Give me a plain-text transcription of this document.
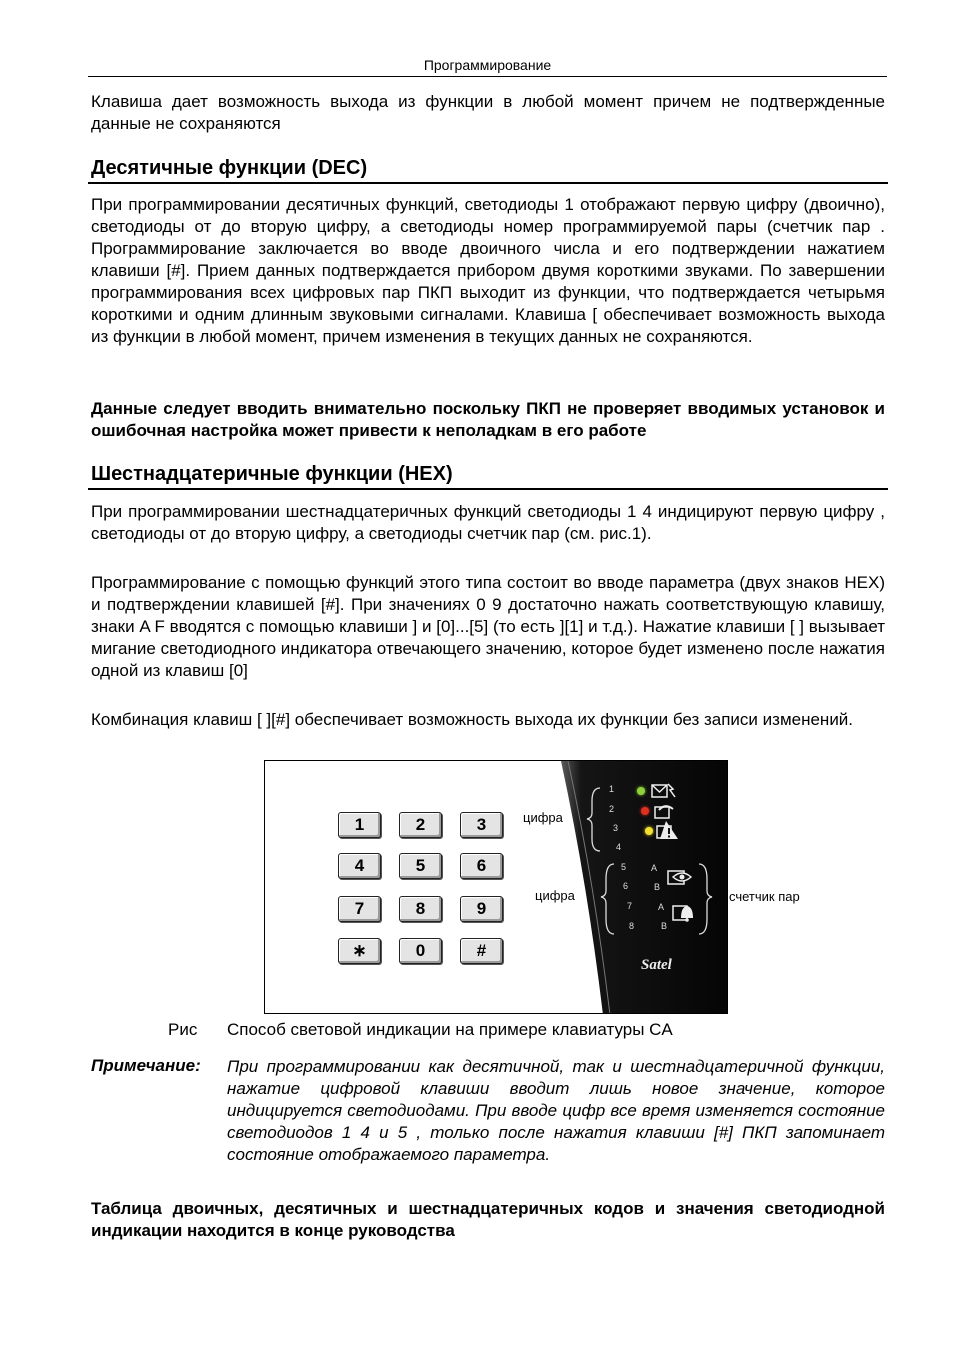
Программирование

Клавиша дает возможность выхода из функции в любой момент причем не подтвержденные данные не сохраняются

Десятичные функции (DEC)

При программировании десятичных функций, светодиоды 1 отображают первую цифру (двоично), светодиоды от до вторую цифру, а светодиоды номер программируемой пары (счетчик пар . Программирование заключается во вводе двоичного числа и его подтверждении нажатием клавиши [#]. Прием данных подтверждается прибором двумя короткими звуками. По завершении программирования всех цифровых пар ПКП выходит из функции, что подтверждается четырьмя короткими и одним длинным звуковыми сигналами. Клавиша [ обеспечивает возможность выхода из функции в любой момент, причем изменения в текущих данных не сохраняются.

Данные следует вводить внимательно поскольку ПКП не проверяет вводимых установок и ошибочная настройка может привести к неполадкам в его работе

Шестнадцатеричные функции (HEX)

При программировании шестнадцатеричных функций светодиоды 1 4 индицируют первую цифру , светодиоды от до вторую цифру, а светодиоды счетчик пар (см. рис.1).

Программирование с помощью функций этого типа состоит во вводе параметра (двух знаков HEX) и подтверждении клавишей [#]. При значениях 0 9 достаточно нажать соответствующую клавишу, знаки A F вводятся с помощью клавиши ] и [0]...[5] (то есть ][1] и т.д.). Нажатие клавиши [ ] вызывает мигание светодиодного индикатора отвечающего значению, которое будет изменено после нажатия одной из клавиш [0]

Комбинация клавиш [ ][#] обеспечивает возможность выхода их функции без записи изменений.

1	2	3
4	5	6
7	8	9
∗	0	#
цифра
цифра
1
2
3
4
5
6
7
8
A
B
A
B
Satel
счетчик пар
Рис Способ световой индикации на примере клавиатуры CA
Примечание: При программировании как десятичной, так и шестнадцатеричной функции, нажатие цифровой клавиши вводит лишь новое значение, которое индицируется светодиодами. При вводе цифр все время изменяется состояние светодиодов 1 4 и 5 , только после нажатия клавиши [#] ПКП запоминает состояние отображаемого параметра.

Таблица двоичных, десятичных и шестнадцатеричных кодов и значения светодиодной индикации находится в конце руководства
